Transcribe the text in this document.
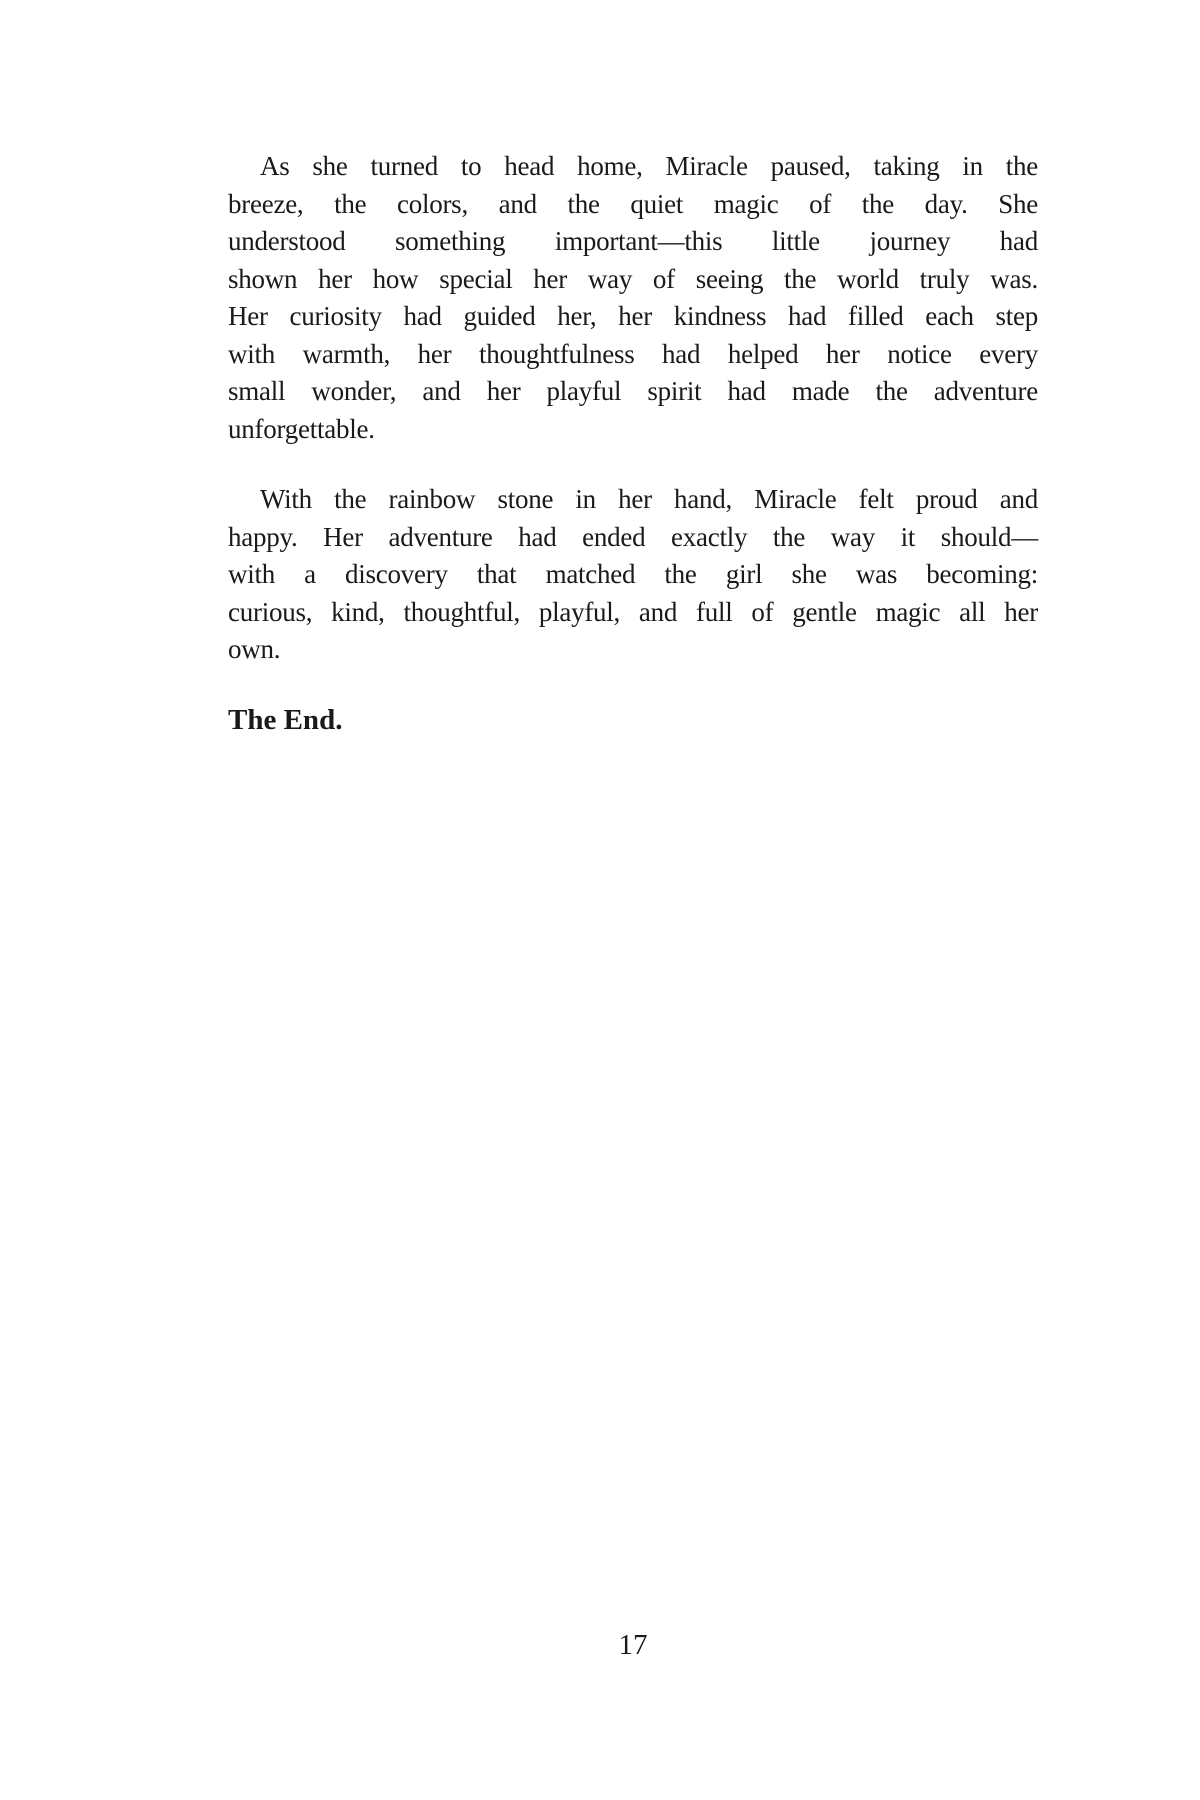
As she turned to head home, Miracle paused, taking in the
breeze, the colors, and the quiet magic of the day. She
understood something important—this little journey had
shown her how special her way of seeing the world truly was.
Her curiosity had guided her, her kindness had filled each step
with warmth, her thoughtfulness had helped her notice every
small wonder, and her playful spirit had made the adventure
unforgettable.
With the rainbow stone in her hand, Miracle felt proud and
happy. Her adventure had ended exactly the way it should—
with a discovery that matched the girl she was becoming:
curious, kind, thoughtful, playful, and full of gentle magic all her
own.
The End.
17
